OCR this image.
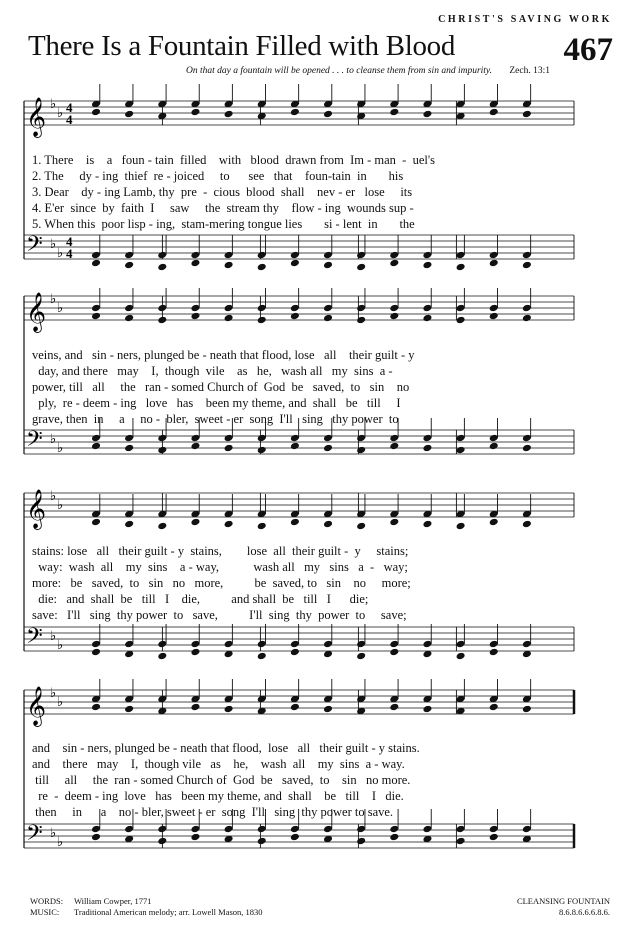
CHRIST'S SAVING WORK
There Is a Fountain Filled with Blood	467
On that day a fountain will be opened . . . to cleanse them from sin and impurity. Zech. 13:1
𝄞 ♭
♭ 4
4
𝄢 ♭
♭
4
4
𝄞 ♭
♭
𝄢 ♭
♭
𝄞 ♭
♭
𝄢 ♭
♭
𝄞 ♭
♭
𝄢 ♭
♭
1. There    is    a   foun - tain  filled    with   blood  drawn from  Im - man  -  uel's
2. The     dy - ing  thief  re - joiced     to      see   that    foun-tain  in       his
3. Dear    dy - ing Lamb, thy  pre  -  cious  blood  shall    nev - er   lose     its
4. E'er  since  by  faith  I     saw     the  stream thy    flow - ing  wounds sup -
5. When this  poor lisp - ing,  stam-mering tongue lies       si - lent  in       the
veins, and   sin - ners, plunged be - neath that flood, lose   all    their guilt - y
day, and there   may    I,  though  vile    as   he,   wash all   my  sins  a -
power, till   all     the   ran - somed Church of  God  be   saved,  to   sin    no
ply,  re - deem - ing   love   has    been my theme, and  shall   be   till     I
grave, then  in     a     no -  bler,  sweet - er  song  I'll   sing   thy power  to
stains: lose   all   their guilt - y  stains,        lose  all  their guilt -  y     stains;
way:  wash  all    my  sins    a - way,           wash all   my   sins   a  -   way;
more:   be   saved,  to   sin   no   more,          be  saved, to   sin    no     more;
die:   and  shall  be   till   I    die,          and shall  be   till   I      die;
save:   I'll   sing  thy power  to   save,          I'll  sing  thy  power  to     save;
and    sin - ners, plunged be - neath that flood,  lose   all   their guilt - y stains.
and    there   may    I,  though vile   as    he,    wash  all    my  sins  a - way.
till     all     the  ran - somed Church of  God  be   saved,  to    sin   no more.
re  -  deem - ing  love   has   been my theme, and  shall    be   till    I   die.
then     in      a    no - bler, sweet - er  song  I'll   sing  thy power to save.
WORDS: William Cowper, 1771
MUSIC: Traditional American melody; arr. Lowell Mason, 1830
CLEANSING FOUNTAIN
8.6.8.6.6.6.8.6.
